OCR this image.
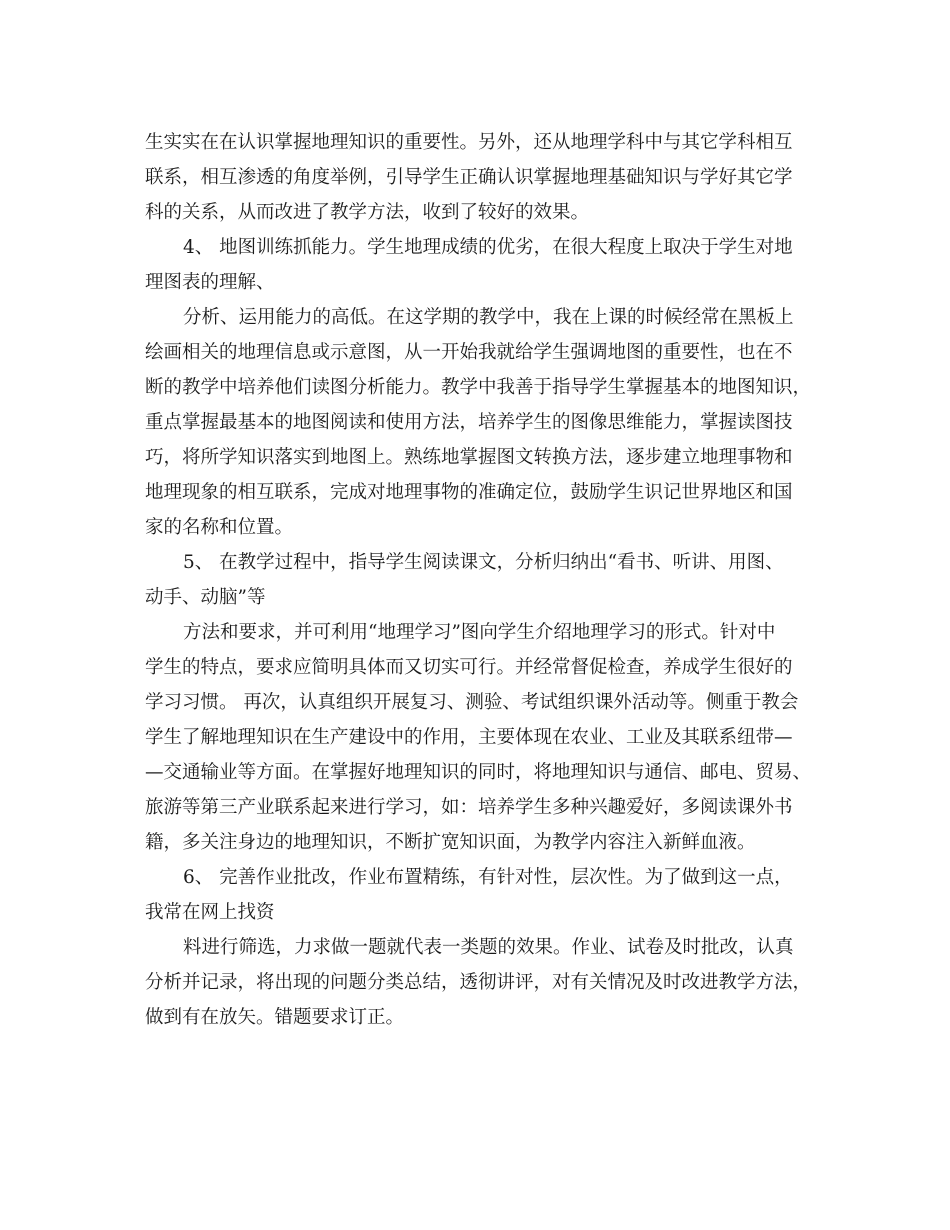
生实实在在认识掌握地理知识的重要性。另外，还从地理学科中与其它学科相互
联系，相互渗透的角度举例，引导学生正确认识掌握地理基础知识与学好其它学
科的关系，从而改进了教学方法，收到了较好的效果。
4、 地图训练抓能力。学生地理成绩的优劣，在很大程度上取决于学生对地
理图表的理解、
分析、运用能力的高低。在这学期的教学中，我在上课的时候经常在黑板上
绘画相关的地理信息或示意图，从一开始我就给学生强调地图的重要性，也在不
断的教学中培养他们读图分析能力。教学中我善于指导学生掌握基本的地图知识，
重点掌握最基本的地图阅读和使用方法，培养学生的图像思维能力，掌握读图技
巧，将所学知识落实到地图上。熟练地掌握图文转换方法，逐步建立地理事物和
地理现象的相互联系，完成对地理事物的准确定位，鼓励学生识记世界地区和国
家的名称和位置。
5、 在教学过程中，指导学生阅读课文，分析归纳出“看书、听讲、用图、
动手、动脑”等
方法和要求，并可利用“地理学习”图向学生介绍地理学习的形式。针对中
学生的特点，要求应简明具体而又切实可行。并经常督促检查，养成学生很好的
学习习惯。 再次，认真组织开展复习、测验、考试组织课外活动等。侧重于教会
学生了解地理知识在生产建设中的作用，主要体现在农业、工业及其联系纽带—
—交通输业等方面。在掌握好地理知识的同时，将地理知识与通信、邮电、贸易、
旅游等第三产业联系起来进行学习，如：培养学生多种兴趣爱好，多阅读课外书
籍，多关注身边的地理知识，不断扩宽知识面，为教学内容注入新鲜血液。
6、 完善作业批改，作业布置精练，有针对性，层次性。为了做到这一点，
我常在网上找资
料进行筛选，力求做一题就代表一类题的效果。作业、试卷及时批改，认真
分析并记录，将出现的问题分类总结，透彻讲评，对有关情况及时改进教学方法，
做到有在放矢。错题要求订正。
